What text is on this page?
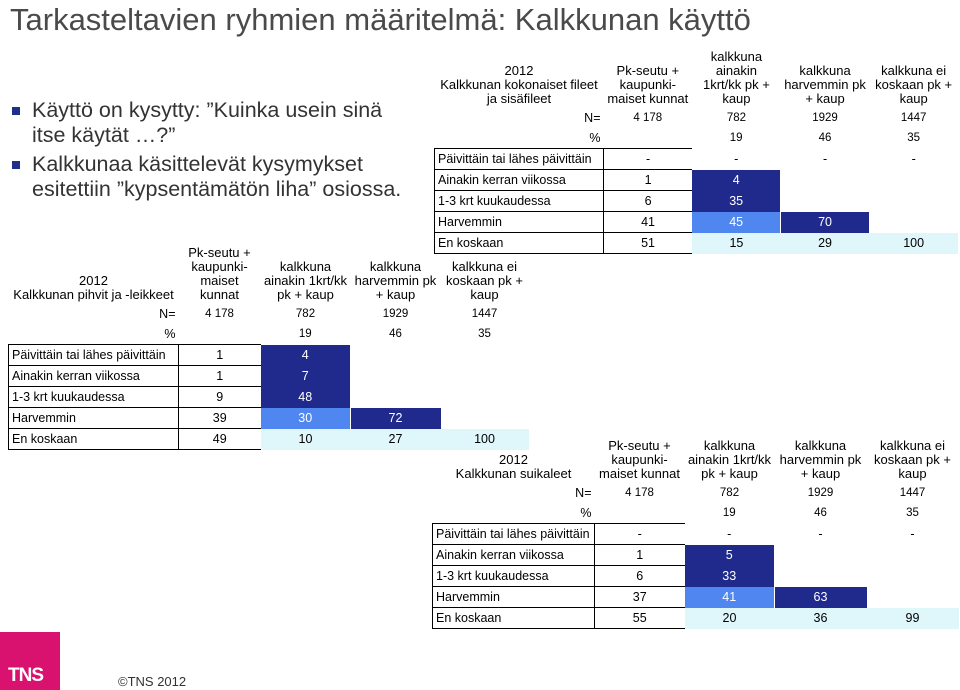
Tarkasteltavien ryhmien määritelmä: Kalkkunan käyttö
Käyttö on kysytty: ”Kuinka usein sinä itse käytät …?”
Kalkkunaa käsittelevät kysymykset esitettiin ”kypsentämätön liha” osiossa.
2012
Kalkkunan kokonaiset fileet ja sisäfileet	Pk-seutu + kaupunki-maiset kunnat	kalkkuna ainakin 1krt/kk pk + kaup	kalkkuna harvemmin pk + kaup	kalkkuna ei koskaan pk + kaup
N=	4 178	782	1929	1447
%		19	46	35
Päivittäin tai lähes päivittäin	-	-	-	-
Ainakin kerran viikossa	1	4		
1-3 krt kuukaudessa	6	35		
Harvemmin	41	45	70	
En koskaan	51	15	29	100
2012
Kalkkunan pihvit ja -leikkeet	Pk-seutu + kaupunki-maiset kunnat	kalkkuna ainakin 1krt/kk pk + kaup	kalkkuna harvemmin pk + kaup	kalkkuna ei koskaan pk + kaup
N=	4 178	782	1929	1447
%		19	46	35
Päivittäin tai lähes päivittäin	1	4		
Ainakin kerran viikossa	1	7		
1-3 krt kuukaudessa	9	48		
Harvemmin	39	30	72	
En koskaan	49	10	27	100
2012
Kalkkunan suikaleet	Pk-seutu + kaupunki-maiset kunnat	kalkkuna ainakin 1krt/kk pk + kaup	kalkkuna harvemmin pk + kaup	kalkkuna ei koskaan pk + kaup
N=	4 178	782	1929	1447
%		19	46	35
Päivittäin tai lähes päivittäin	-	-	-	-
Ainakin kerran viikossa	1	5		
1-3 krt kuukaudessa	6	33		
Harvemmin	37	41	63	
En koskaan	55	20	36	99
TNS	©TNS 2012
